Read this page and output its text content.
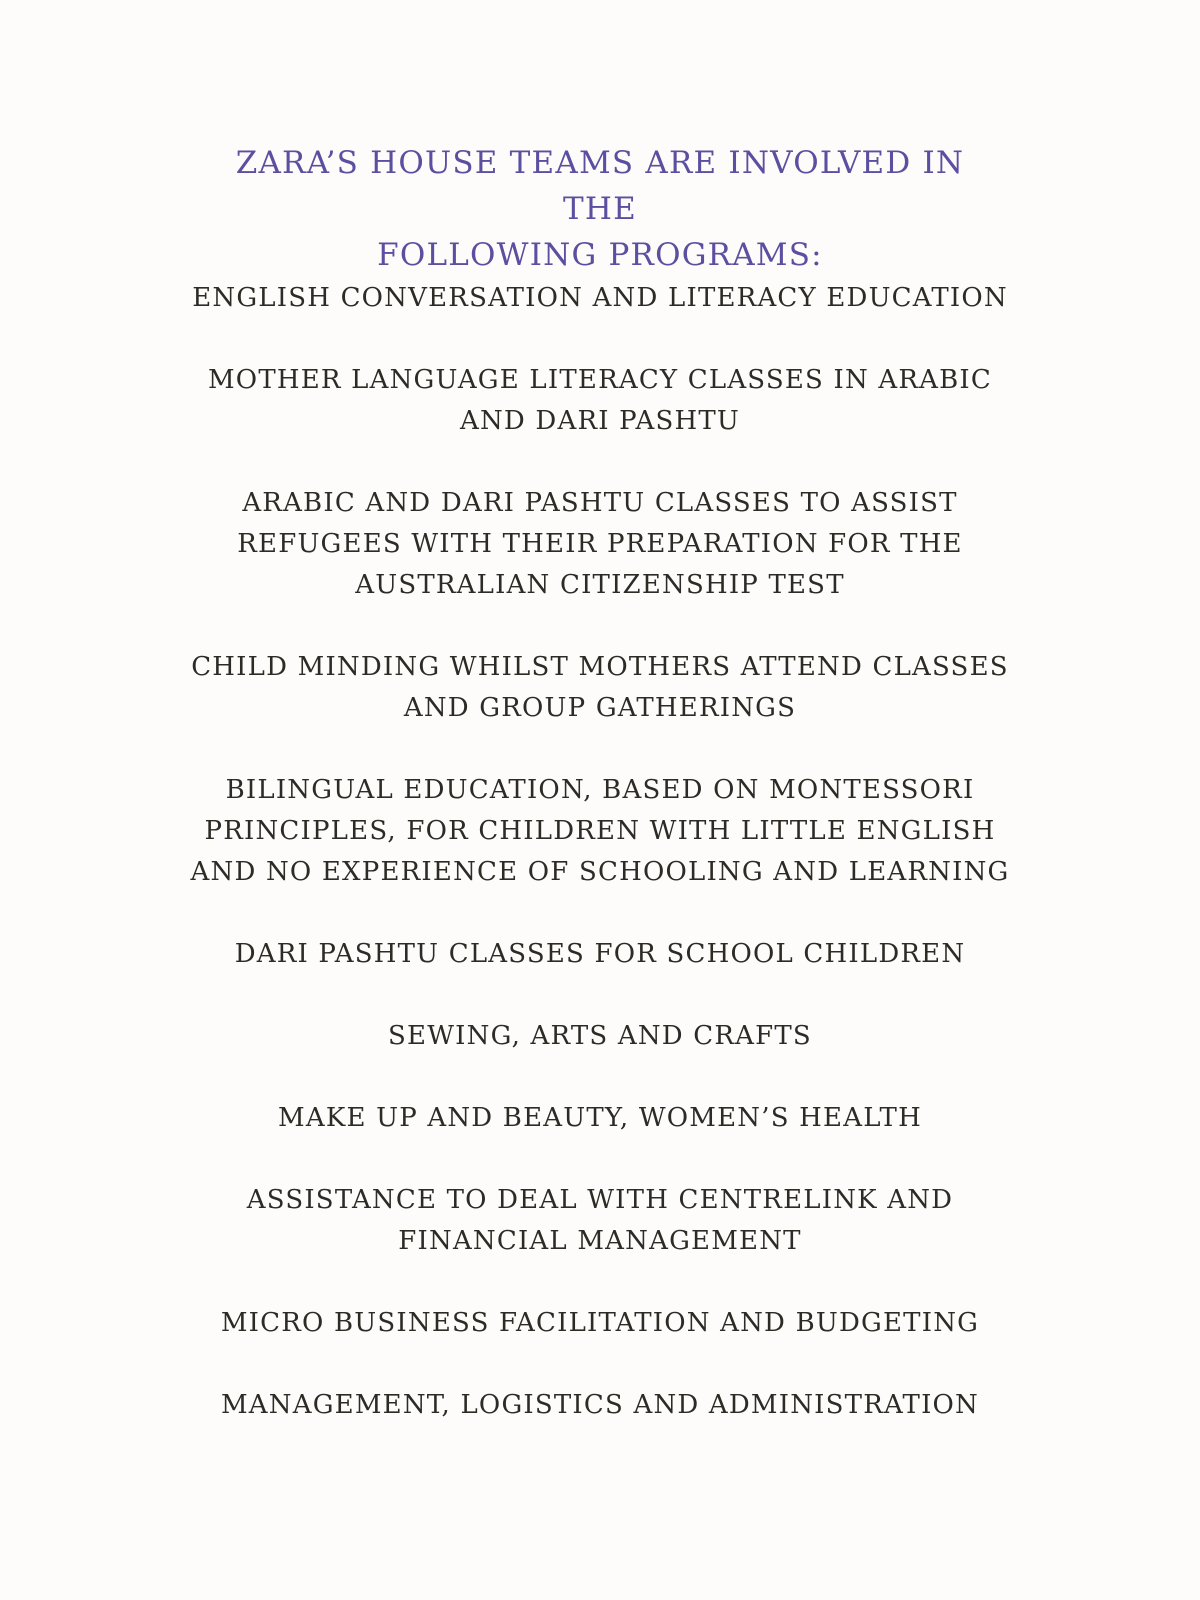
ZARA’S HOUSE TEAMS ARE INVOLVED IN THE
FOLLOWING PROGRAMS:
ENGLISH CONVERSATION AND LITERACY EDUCATION
MOTHER LANGUAGE LITERACY CLASSES IN ARABIC
AND DARI PASHTU
ARABIC AND DARI PASHTU CLASSES TO ASSIST
REFUGEES WITH THEIR PREPARATION FOR THE
AUSTRALIAN CITIZENSHIP TEST
CHILD MINDING WHILST MOTHERS ATTEND CLASSES
AND GROUP GATHERINGS
BILINGUAL EDUCATION, BASED ON MONTESSORI
PRINCIPLES, FOR CHILDREN WITH LITTLE ENGLISH
AND NO EXPERIENCE OF SCHOOLING AND LEARNING
DARI PASHTU CLASSES FOR SCHOOL CHILDREN
SEWING, ARTS AND CRAFTS
MAKE UP AND BEAUTY, WOMEN’S HEALTH
ASSISTANCE TO DEAL WITH CENTRELINK AND
FINANCIAL MANAGEMENT
MICRO BUSINESS FACILITATION AND BUDGETING
MANAGEMENT, LOGISTICS AND ADMINISTRATION
